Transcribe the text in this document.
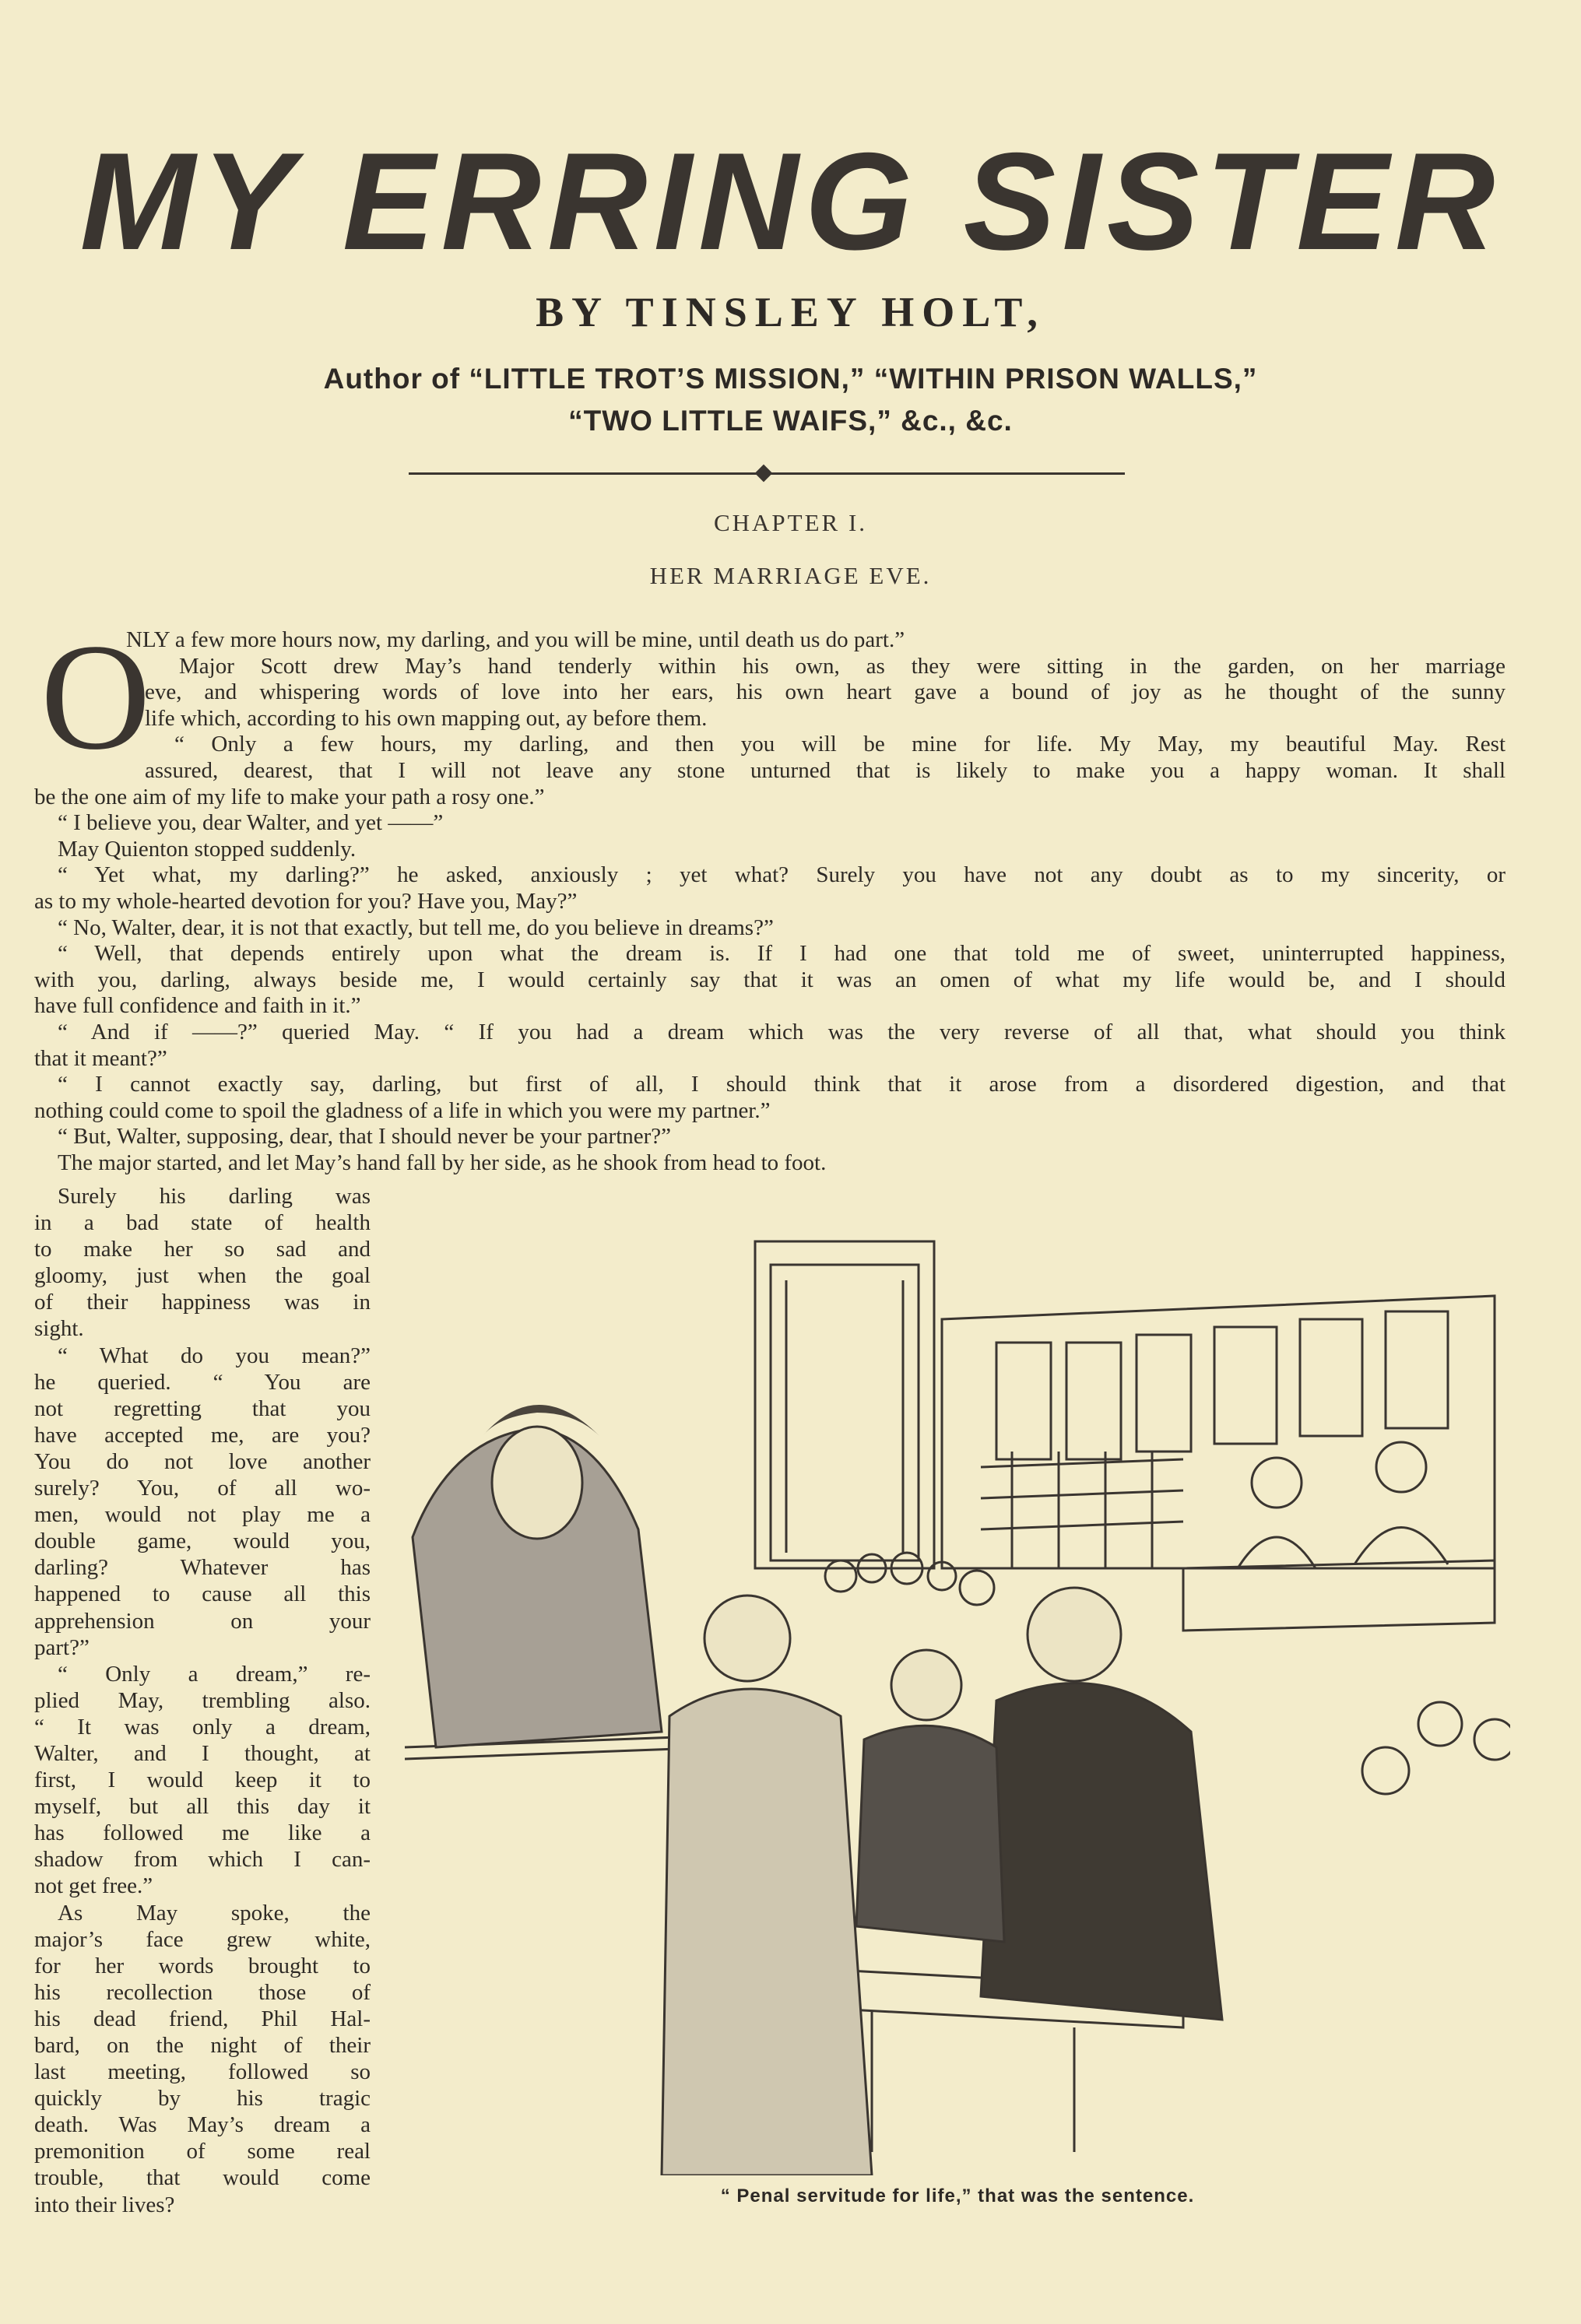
MY ERRING SISTER
BY TINSLEY HOLT,
Author of “LITTLE TROT’S MISSION,” “WITHIN PRISON WALLS,”
“TWO LITTLE WAIFS,” &c., &c.
CHAPTER I.
HER MARRIAGE EVE.
O

NLY a few more hours now, my darling, and you will be mine, until death us do part.”

Major Scott drew May’s hand tenderly within his own, as they were sitting in the garden, on her marriage

eve, and whispering words of love into her ears, his own heart gave a bound of joy as he thought of the sunny

life which, according to his own mapping out, ay before them.

“ Only a few hours, my darling, and then you will be mine for life. My May, my beautiful May. Rest

assured, dearest, that I will not leave any stone unturned that is likely to make you a happy woman. It shall

be the one aim of my life to make your path a rosy one.”

“ I believe you, dear Walter, and yet ——”

May Quienton stopped suddenly.

“ Yet what, my darling?” he asked, anxiously ; yet what? Surely you have not any doubt as to my sincerity, or

as to my whole-hearted devotion for you? Have you, May?”

“ No, Walter, dear, it is not that exactly, but tell me, do you believe in dreams?”

“ Well, that depends entirely upon what the dream is. If I had one that told me of sweet, uninterrupted happiness,

with you, darling, always beside me, I would certainly say that it was an omen of what my life would be, and I should

have full confidence and faith in it.”

“ And if ——?” queried May. “ If you had a dream which was the very reverse of all that, what should you think

that it meant?”

“ I cannot exactly say, darling, but first of all, I should think that it arose from a disordered digestion, and that

nothing could come to spoil the gladness of a life in which you were my partner.”

“ But, Walter, supposing, dear, that I should never be your partner?”

The major started, and let May’s hand fall by her side, as he shook from head to foot.

Surely his darling was

in a bad state of health

to make her so sad and

gloomy, just when the goal

of their happiness was in

sight.

“ What do you mean?”

he queried. “ You are

not regretting that you

have accepted me, are you?

You do not love another

surely? You, of all wo-

men, would not play me a

double game, would you,

darling? Whatever has

happened to cause all this

apprehension on your

part?”

“ Only a dream,” re-

plied May, trembling also.

“ It was only a dream,

Walter, and I thought, at

first, I would keep it to

myself, but all this day it

has followed me like a

shadow from which I can-

not get free.”

As May spoke, the

major’s face grew white,

for her words brought to

his recollection those of

his dead friend, Phil Hal-

bard, on the night of their

last meeting, followed so

quickly by his tragic

death. Was May’s dream a

premonition of some real

trouble, that would come

into their lives?	“ Penal servitude for life,” that was the sentence.
